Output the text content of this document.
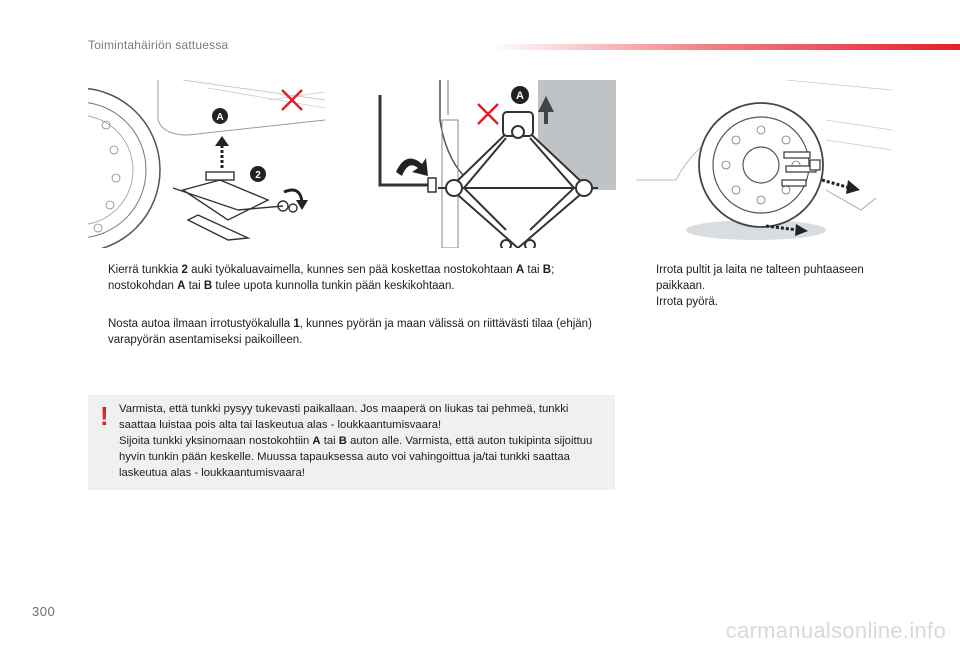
Toimintahäiriön sattuessa
A
2
A
Kierrä tunkkia 2 auki työkaluavaimella, kunnes sen pää koskettaa nostokohtaan A tai B; nostokohdan A tai B tulee upota kunnolla tunkin pään keskikohtaan.
Nosta autoa ilmaan irrotustyökalulla 1, kunnes pyörän ja maan välissä on riittävästi tilaa (ehjän) varapyörän asentamiseksi paikoilleen.
Irrota pultit ja laita ne talteen puhtaaseen paikkaan.
Irrota pyörä.
! Varmista, että tunkki pysyy tukevasti paikallaan. Jos maaperä on liukas tai pehmeä, tunkki saattaa luistaa pois alta tai laskeutua alas - loukkaantumisvaara!
Sijoita tunkki yksinomaan nostokohtiin A tai B auton alle. Varmista, että auton tukipinta sijoittuu hyvin tunkin pään keskelle. Muussa tapauksessa auto voi vahingoittua ja/tai tunkki saattaa laskeutua alas - loukkaantumisvaara!
300
carmanualsonline.info
